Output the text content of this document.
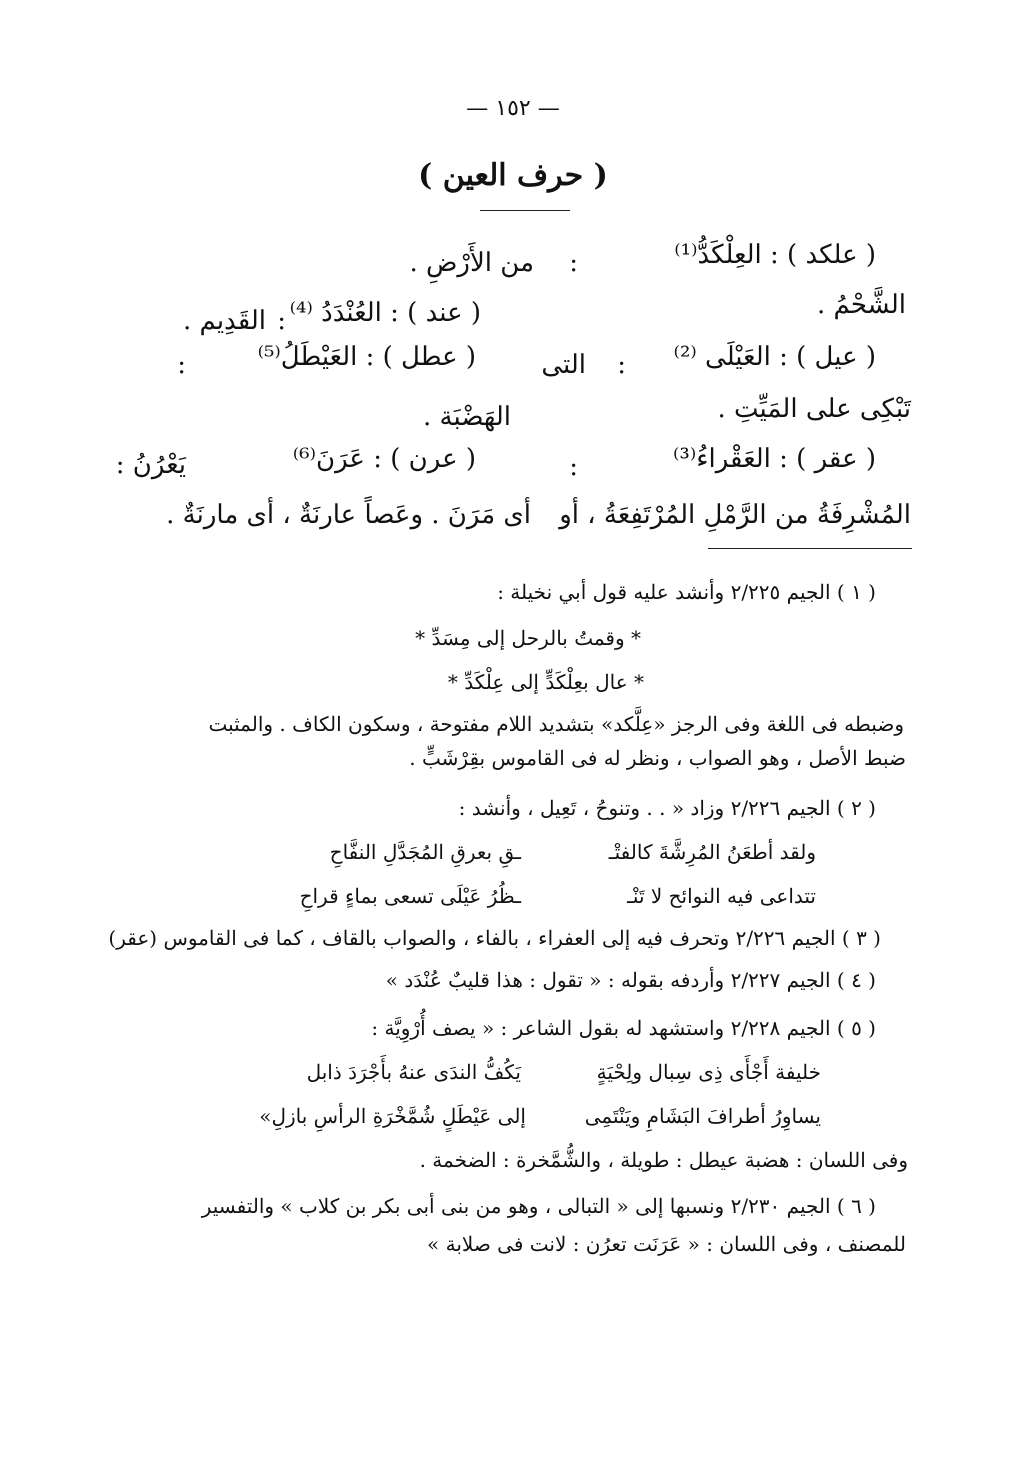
— ١٥٢ —
( حرف العين )
( علكد ) : العِلْكَدُّ⁽¹⁾
:
من الأَرْضِ .
الشَّحْمُ .
( عند ) : العُنْدَدُ ⁽⁴⁾
:
القَدِيم .
( عيل ) : العَيْلَى ⁽²⁾
:
التى
( عطل ) : العَيْطَلُ⁽⁵⁾
:
تَبْكِى على المَيِّتِ .
الهَضْبَة .
( عقر ) : العَقْراءُ⁽³⁾
:
( عرن ) : عَرَنَ⁽⁶⁾
يَعْرُنُ :
المُشْرِفَةُ من الرَّمْلِ المُرْتَفِعَةُ ، أو
أى مَرَنَ . وعَصاً عارنَةٌ ، أى مارنَةٌ .
( ١ ) الجيم ٢/٢٢٥ وأنشد عليه قول أبي نخيلة :
* وقمتُ بالرحل إلى مِسَدِّ *
* عال بعِلْكَدٍّ إلى عِلْكَدِّ *
وضبطه فى اللغة وفى الرجز «عِلَّكد» بتشديد اللام مفتوحة ، وسكون الكاف . والمثبت
ضبط الأصل ، وهو الصواب ، ونظر له فى القاموس بقِرْشَبٍّ .
( ٢ ) الجيم ٢/٢٢٦ وزاد « . . وتنوحُ ، تَعِيل ، وأنشد :
ولقد أطعَنُ المُرِشَّةَ كالفتْـ
ـقِ بعرقِ المُجَدَّلِ النفَّاحِ
تتداعى فيه النوائح لا تَنْـ
ـظُرُ عَيْلَى تسعى بماءٍ قراحِ
( ٣ ) الجيم ٢/٢٢٦ وتحرف فيه إلى العفراء ، بالفاء ، والصواب بالقاف ، كما فى القاموس (عقر)
( ٤ ) الجيم ٢/٢٢٧ وأردفه بقوله : « تقول : هذا قليبٌ عُنْدَد »
( ٥ ) الجيم ٢/٢٢٨ واستشهد له بقول الشاعر : « يصف أُرْوِيَّة :
خليفة أَجْأَى ذِى سِبال ولِحْيَةٍ
يَكُفُّ الندَى عنهُ بأَجْرَدَ ذابل
يساوِرُ أطرافَ البَشَامِ ويَنْتَمِى
إلى عَيْطَلٍ شُمَّخْرَةِ الرأسِ بازلِ»
وفى اللسان : هضبة عيطل : طويلة ، والشُّمَّخرة : الضخمة .
( ٦ ) الجيم ٢/٢٣٠ ونسبها إلى « التبالى ، وهو من بنى أبى بكر بن كلاب » والتفسير
للمصنف ، وفى اللسان : « عَرَنَت تعرُن : لانت فى صلابة »
